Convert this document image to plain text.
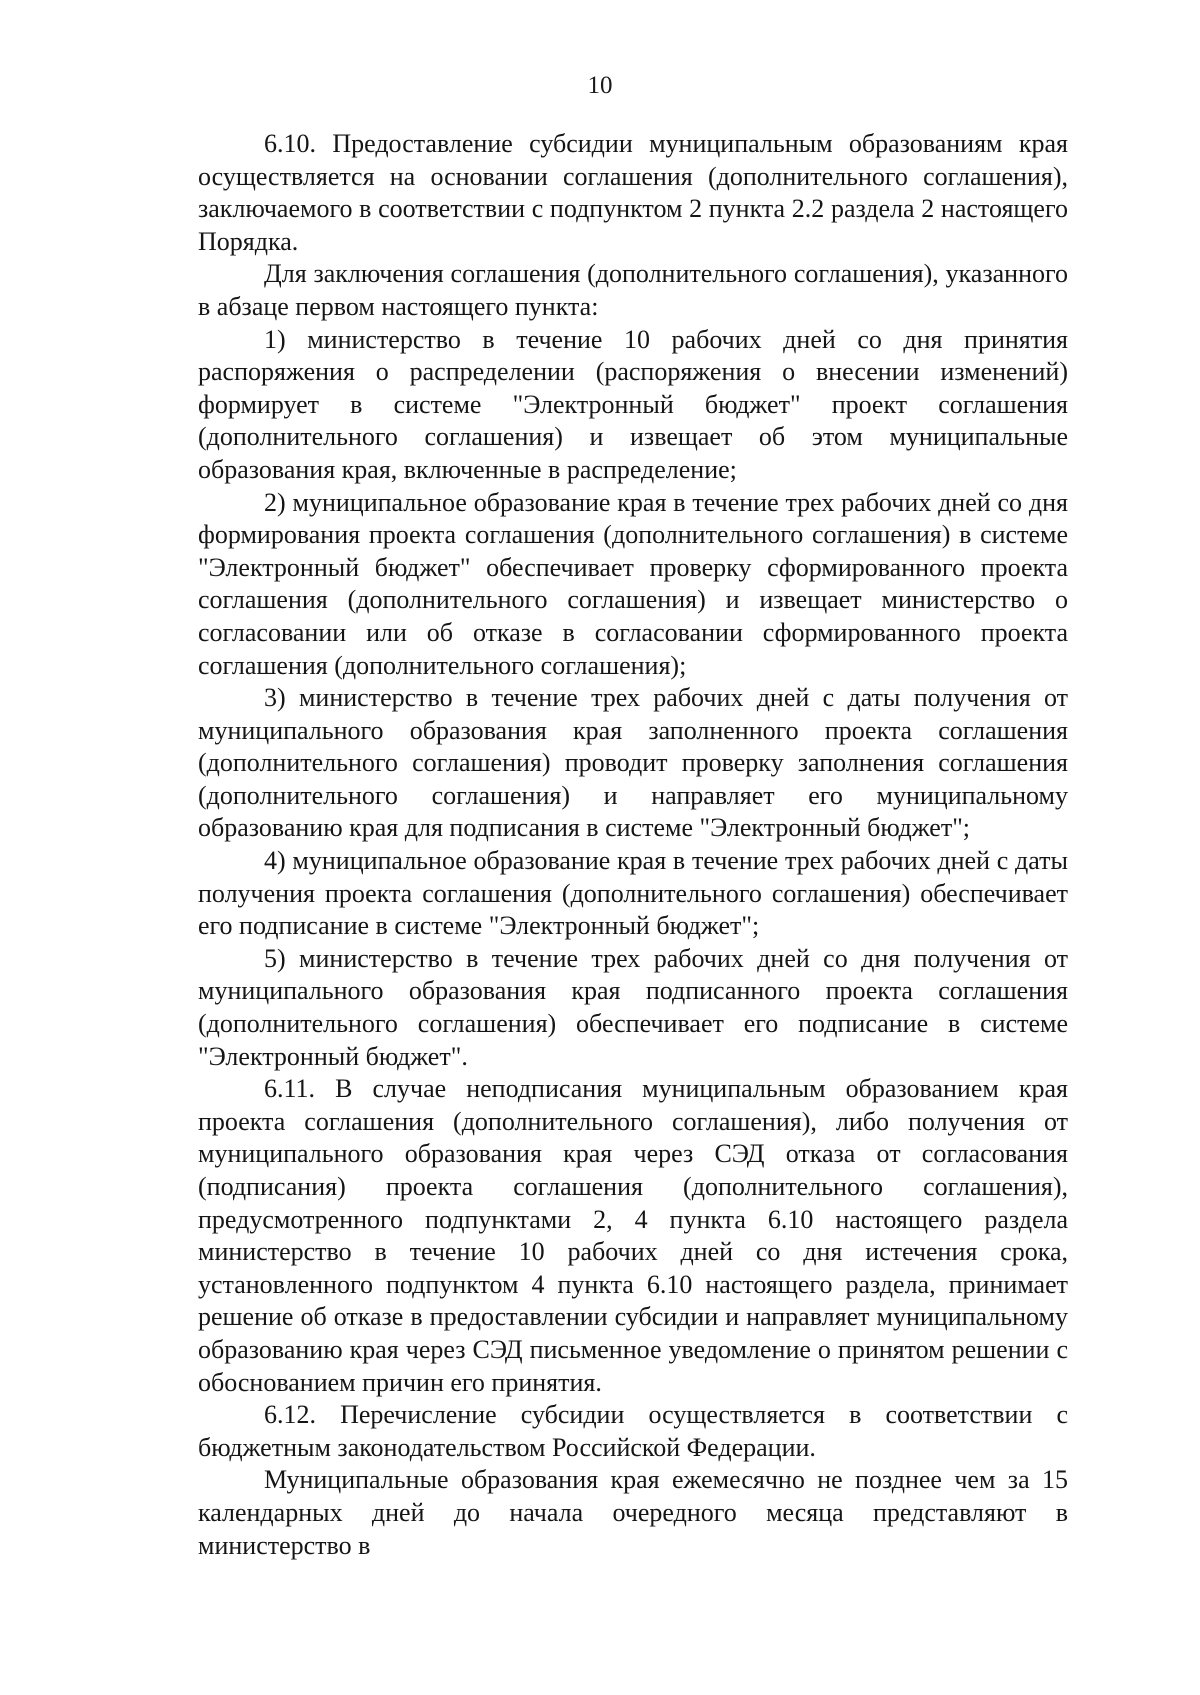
10

6.10. Предоставление субсидии муниципальным образованиям края осуществляется на основании соглашения (дополнительного соглашения), заключаемого в соответствии с подпунктом 2 пункта 2.2 раздела 2 настоящего Порядка.

Для заключения соглашения (дополнительного соглашения), указанного в абзаце первом настоящего пункта:

1) министерство в течение 10 рабочих дней со дня принятия распоряжения о распределении (распоряжения о внесении изменений) формирует в системе "Электронный бюджет" проект соглашения (дополнительного соглашения) и извещает об этом муниципальные образования края, включенные в распределение;

2) муниципальное образование края в течение трех рабочих дней со дня формирования проекта соглашения (дополнительного соглашения) в системе "Электронный бюджет" обеспечивает проверку сформированного проекта соглашения (дополнительного соглашения) и извещает министерство о согласовании или об отказе в согласовании сформированного проекта соглашения (дополнительного соглашения);

3) министерство в течение трех рабочих дней с даты получения от муниципального образования края заполненного проекта соглашения (дополнительного соглашения) проводит проверку заполнения соглашения (дополнительного соглашения) и направляет его муниципальному образованию края для подписания в системе "Электронный бюджет";

4) муниципальное образование края в течение трех рабочих дней с даты получения проекта соглашения (дополнительного соглашения) обеспечивает его подписание в системе "Электронный бюджет";

5) министерство в течение трех рабочих дней со дня получения от муниципального образования края подписанного проекта соглашения (дополнительного соглашения) обеспечивает его подписание в системе "Электронный бюджет".

6.11. В случае неподписания муниципальным образованием края проекта соглашения (дополнительного соглашения), либо получения от муниципального образования края через СЭД отказа от согласования (подписания) проекта соглашения (дополнительного соглашения), предусмотренного подпунктами 2, 4 пункта 6.10 настоящего раздела министерство в течение 10 рабочих дней со дня истечения срока, установленного подпунктом 4 пункта 6.10 настоящего раздела, принимает решение об отказе в предоставлении субсидии и направляет муниципальному образованию края через СЭД письменное уведомление о принятом решении с обоснованием причин его принятия.

6.12. Перечисление субсидии осуществляется в соответствии с бюджетным законодательством Российской Федерации.

Муниципальные образования края ежемесячно не позднее чем за 15 календарных дней до начала очередного месяца представляют в министерство в
